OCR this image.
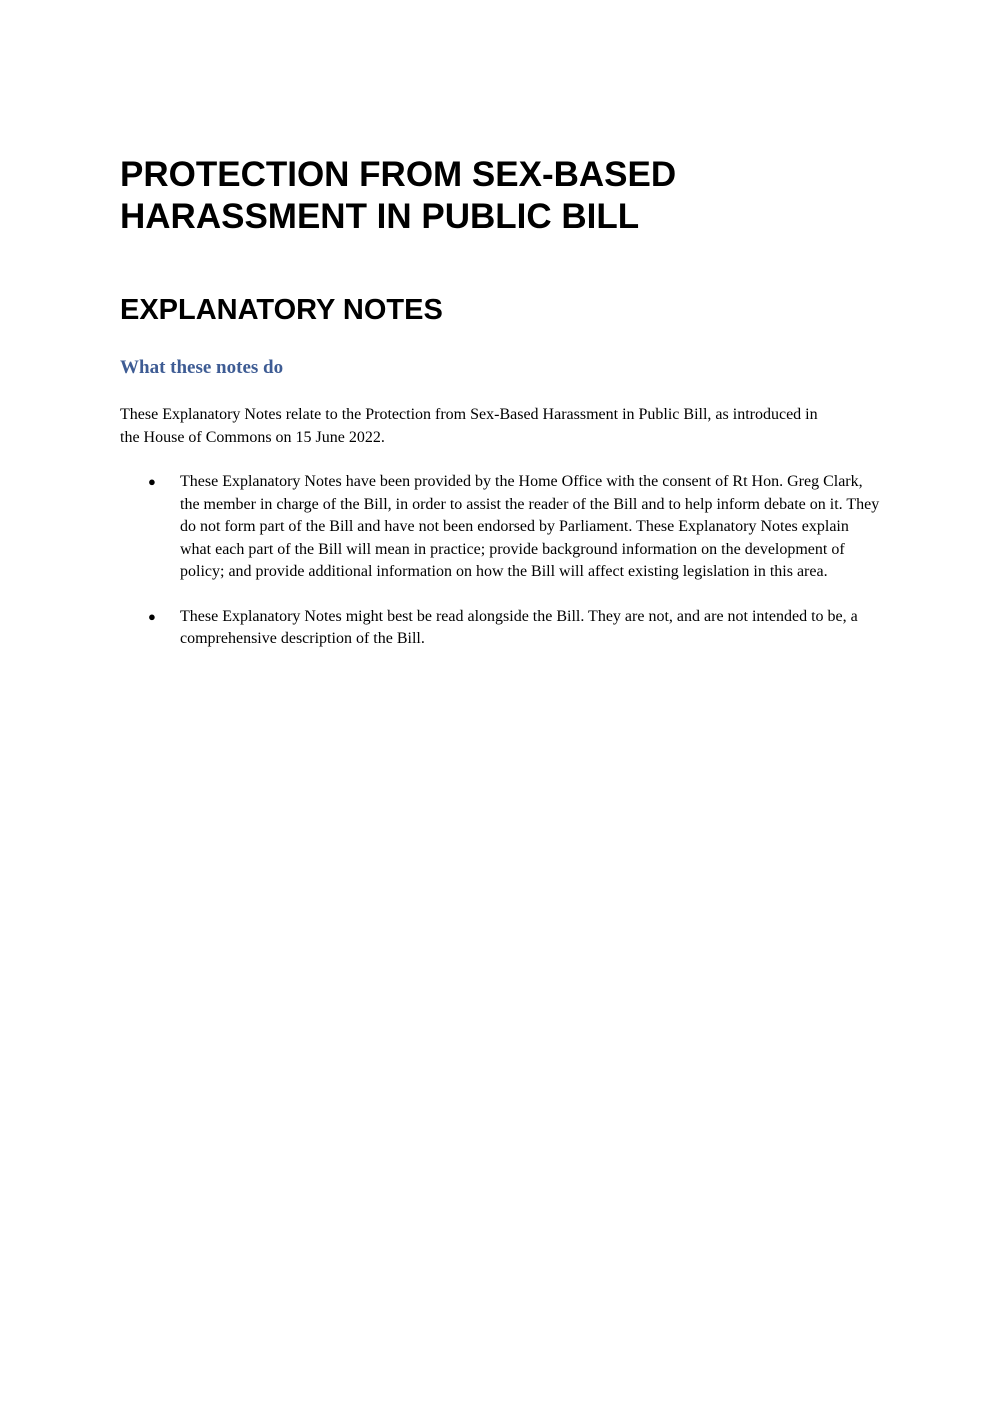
PROTECTION FROM SEX-BASED
HARASSMENT IN PUBLIC BILL
EXPLANATORY NOTES
What these notes do

These Explanatory Notes relate to the Protection from Sex-Based Harassment in Public Bill, as introduced in the House of Commons on 15 June 2022.

● These Explanatory Notes have been provided by the Home Office with the consent of Rt Hon. Greg Clark, the member in charge of the Bill, in order to assist the reader of the Bill and to help inform debate on it. They do not form part of the Bill and have not been endorsed by Parliament. These Explanatory Notes explain what each part of the Bill will mean in practice; provide background information on the development of policy; and provide additional information on how the Bill will affect existing legislation in this area.
● These Explanatory Notes might best be read alongside the Bill. They are not, and are not intended to be, a comprehensive description of the Bill.
